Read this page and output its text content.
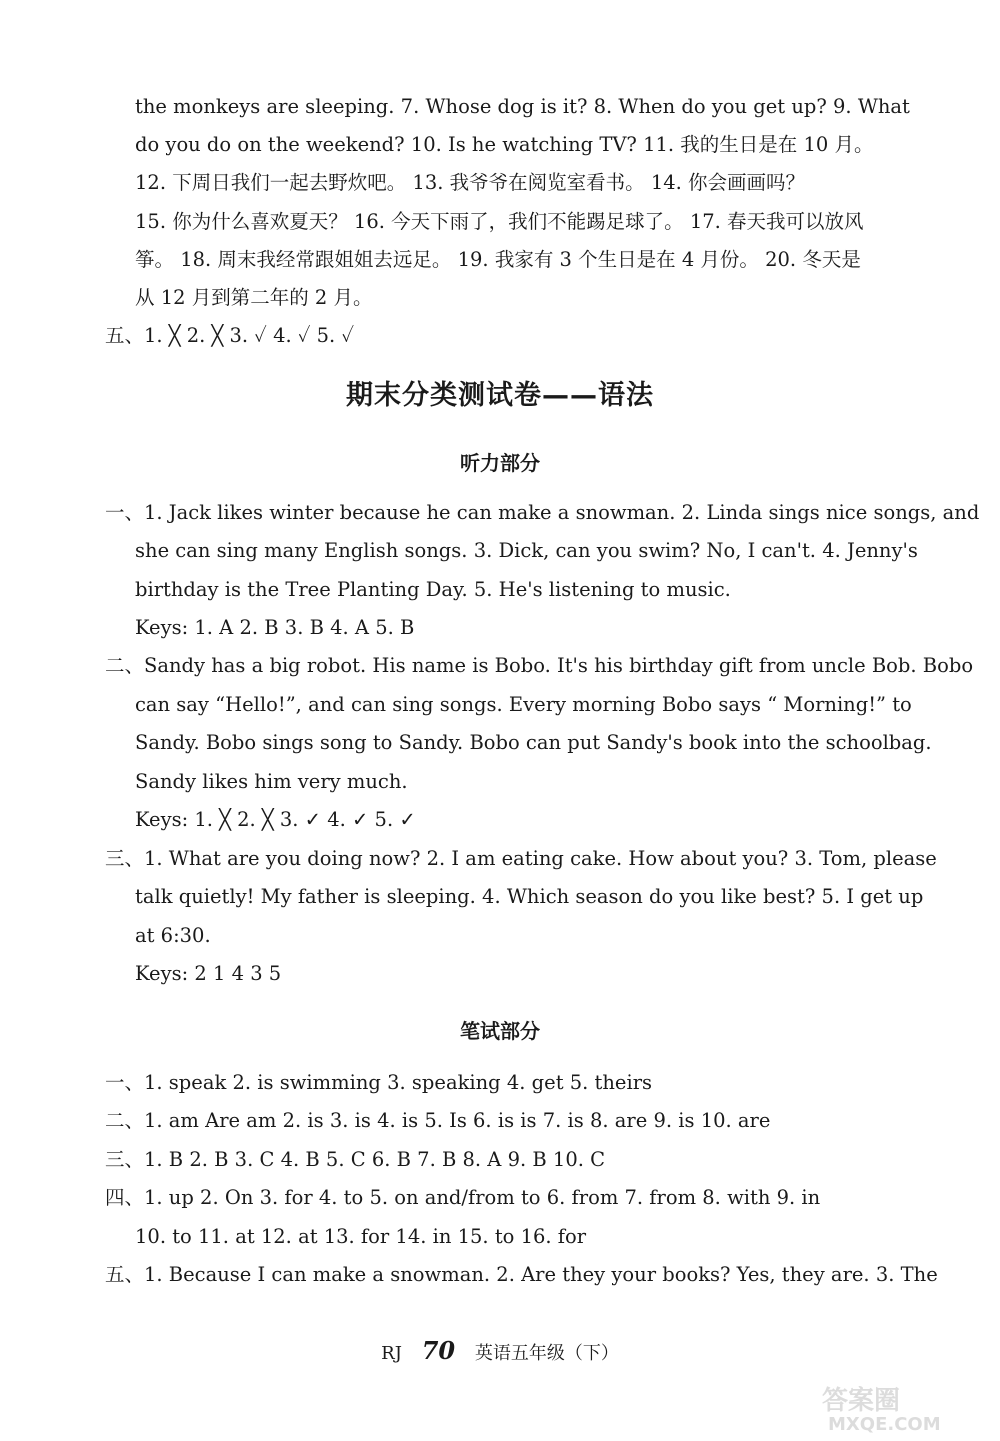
the monkeys are sleeping. 7. Whose dog is it? 8. When do you get up? 9. What
do you do on the weekend? 10. Is he watching TV? 11. 我的生日是在 10 月。
12. 下周日我们一起去野炊吧。 13. 我爷爷在阅览室看书。 14. 你会画画吗？
15. 你为什么喜欢夏天？ 16. 今天下雨了，我们不能踢足球了。 17. 春天我可以放风
筝。 18. 周末我经常跟姐姐去远足。 19. 我家有 3 个生日是在 4 月份。 20. 冬天是
从 12 月到第二年的 2 月。
五、1. ╳ 2. ╳ 3. ✓ 4. ✓ 5. ✓
期末分类测试卷——语法
听力部分
一、1. Jack likes winter because he can make a snowman. 2. Linda sings nice songs, and
she can sing many English songs. 3. Dick, can you swim? No, I can't. 4. Jenny's
birthday is the Tree Planting Day. 5. He's listening to music.
Keys: 1. A 2. B 3. B 4. A 5. B
二、Sandy has a big robot. His name is Bobo. It's his birthday gift from uncle Bob. Bobo
can say “Hello!”, and can sing songs. Every morning Bobo says “ Morning!” to
Sandy. Bobo sings song to Sandy. Bobo can put Sandy's book into the schoolbag.
Sandy likes him very much.
Keys: 1. ╳ 2. ╳ 3. ✓ 4. ✓ 5. ✓
三、1. What are you doing now? 2. I am eating cake. How about you? 3. Tom, please
talk quietly! My father is sleeping. 4. Which season do you like best? 5. I get up
at 6:30.
Keys: 2 1 4 3 5
笔试部分
一、1. speak 2. is swimming 3. speaking 4. get 5. theirs
二、1. am Are am 2. is 3. is 4. is 5. Is 6. is is 7. is 8. are 9. is 10. are
三、1. B 2. B 3. C 4. B 5. C 6. B 7. B 8. A 9. B 10. C
四、1. up 2. On 3. for 4. to 5. on and/from to 6. from 7. from 8. with 9. in
10. to 11. at 12. at 13. for 14. in 15. to 16. for
五、1. Because I can make a snowman. 2. Are they your books? Yes, they are. 3. The
RJ 70 英语五年级（下）
答案圈
MXQE.COM
